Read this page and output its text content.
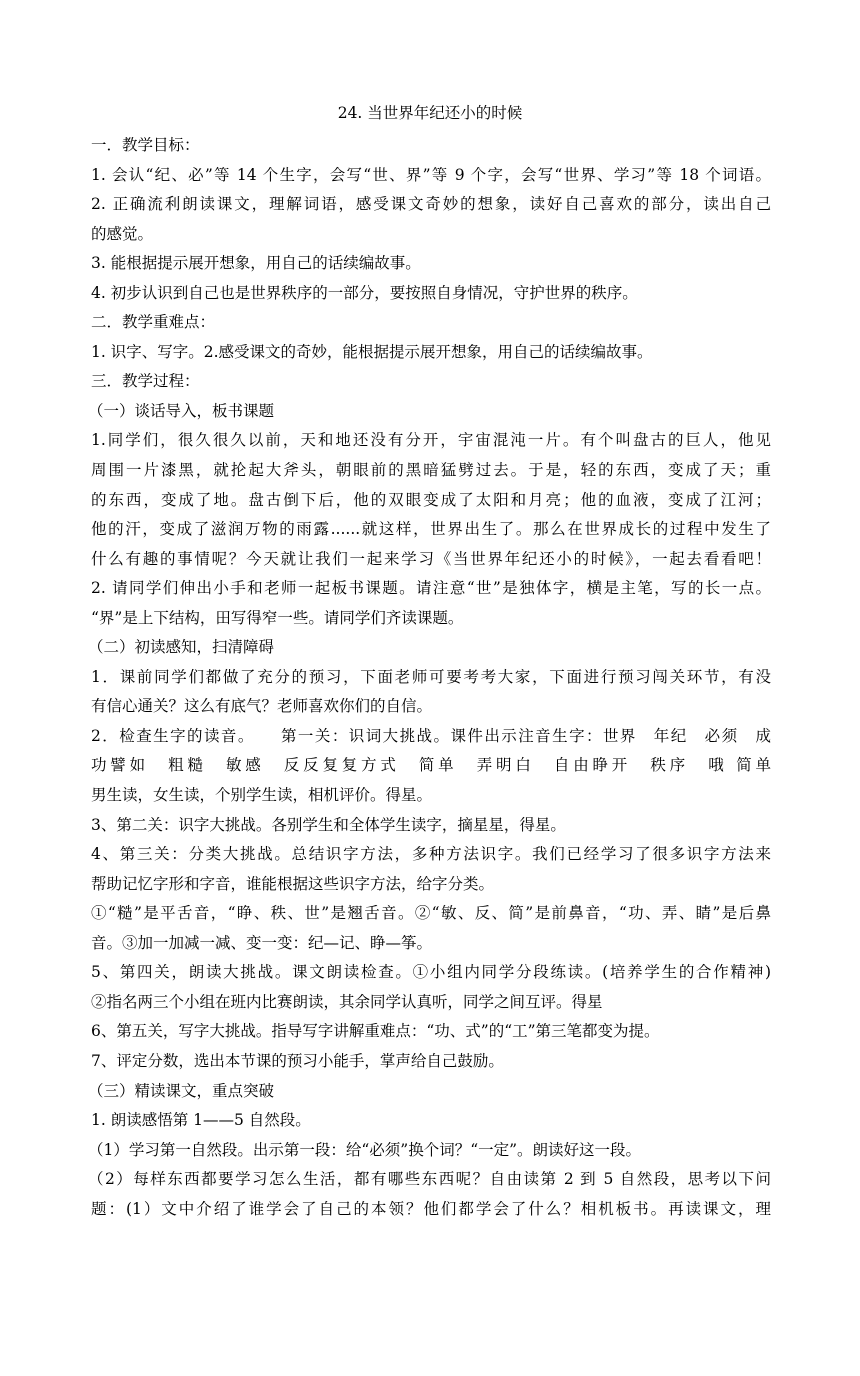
24. 当世界年纪还小的时候
一．教学目标：
1. 会认“纪、必”等 14 个生字，会写“世、界”等 9 个字，会写“世界、学习”等 18 个词语。
2. 正确流利朗读课文，理解词语，感受课文奇妙的想象，读好自己喜欢的部分，读出自己
的感觉。
3. 能根据提示展开想象，用自己的话续编故事。
4. 初步认识到自己也是世界秩序的一部分，要按照自身情况，守护世界的秩序。
二．教学重难点：
1. 识字、写字。2.感受课文的奇妙，能根据提示展开想象，用自己的话续编故事。
三．教学过程：
（一）谈话导入，板书课题
1.同学们，很久很久以前，天和地还没有分开，宇宙混沌一片。有个叫盘古的巨人，他见
周围一片漆黑，就抡起大斧头，朝眼前的黑暗猛劈过去。于是，轻的东西，变成了天；重
的东西，变成了地。盘古倒下后，他的双眼变成了太阳和月亮；他的血液，变成了江河；
他的汗，变成了滋润万物的雨露......就这样，世界出生了。那么在世界成长的过程中发生了
什么有趣的事情呢？今天就让我们一起来学习《当世界年纪还小的时候》，一起去看看吧！
2. 请同学们伸出小手和老师一起板书课题。请注意“世”是独体字，横是主笔，写的长一点。
“界”是上下结构，田写得窄一些。请同学们齐读课题。
（二）初读感知，扫清障碍
1．课前同学们都做了充分的预习，下面老师可要考考大家，下面进行预习闯关环节，有没
有信心通关？这么有底气？老师喜欢你们的自信。
2．检查生字的读音。　　第一关：识词大挑战。课件出示注音生字：世界　年纪　必须　成
功譬如　粗糙　敏感　反反复复方式　简单　弄明白　自由睁开　秩序　哦 简单
男生读，女生读，个别学生读，相机评价。得星。
3、第二关：识字大挑战。各别学生和全体学生读字，摘星星，得星。
4、第三关：分类大挑战。总结识字方法，多种方法识字。我们已经学习了很多识字方法来
帮助记忆字形和字音，谁能根据这些识字方法，给字分类。
①“糙”是平舌音，“睁、秩、世”是翘舌音。②“敏、反、简”是前鼻音，“功、弄、睛”是后鼻
音。③加一加减一减、变一变：纪—记、睁—筝。
5、第四关，朗读大挑战。课文朗读检查。①小组内同学分段练读。(培养学生的合作精神)
②指名两三个小组在班内比赛朗读，其余同学认真听，同学之间互评。得星
6、第五关，写字大挑战。指导写字讲解重难点：“功、式”的“工”第三笔都变为提。
7、评定分数，选出本节课的预习小能手，掌声给自己鼓励。
（三）精读课文，重点突破
1. 朗读感悟第 1——5 自然段。
（1）学习第一自然段。出示第一段：给“必须”换个词？“一定”。朗读好这一段。
（2）每样东西都要学习怎么生活，都有哪些东西呢？自由读第 2 到 5 自然段，思考以下问
题：(1）文中介绍了谁学会了自己的本领？他们都学会了什么？相机板书。再读课文，理
